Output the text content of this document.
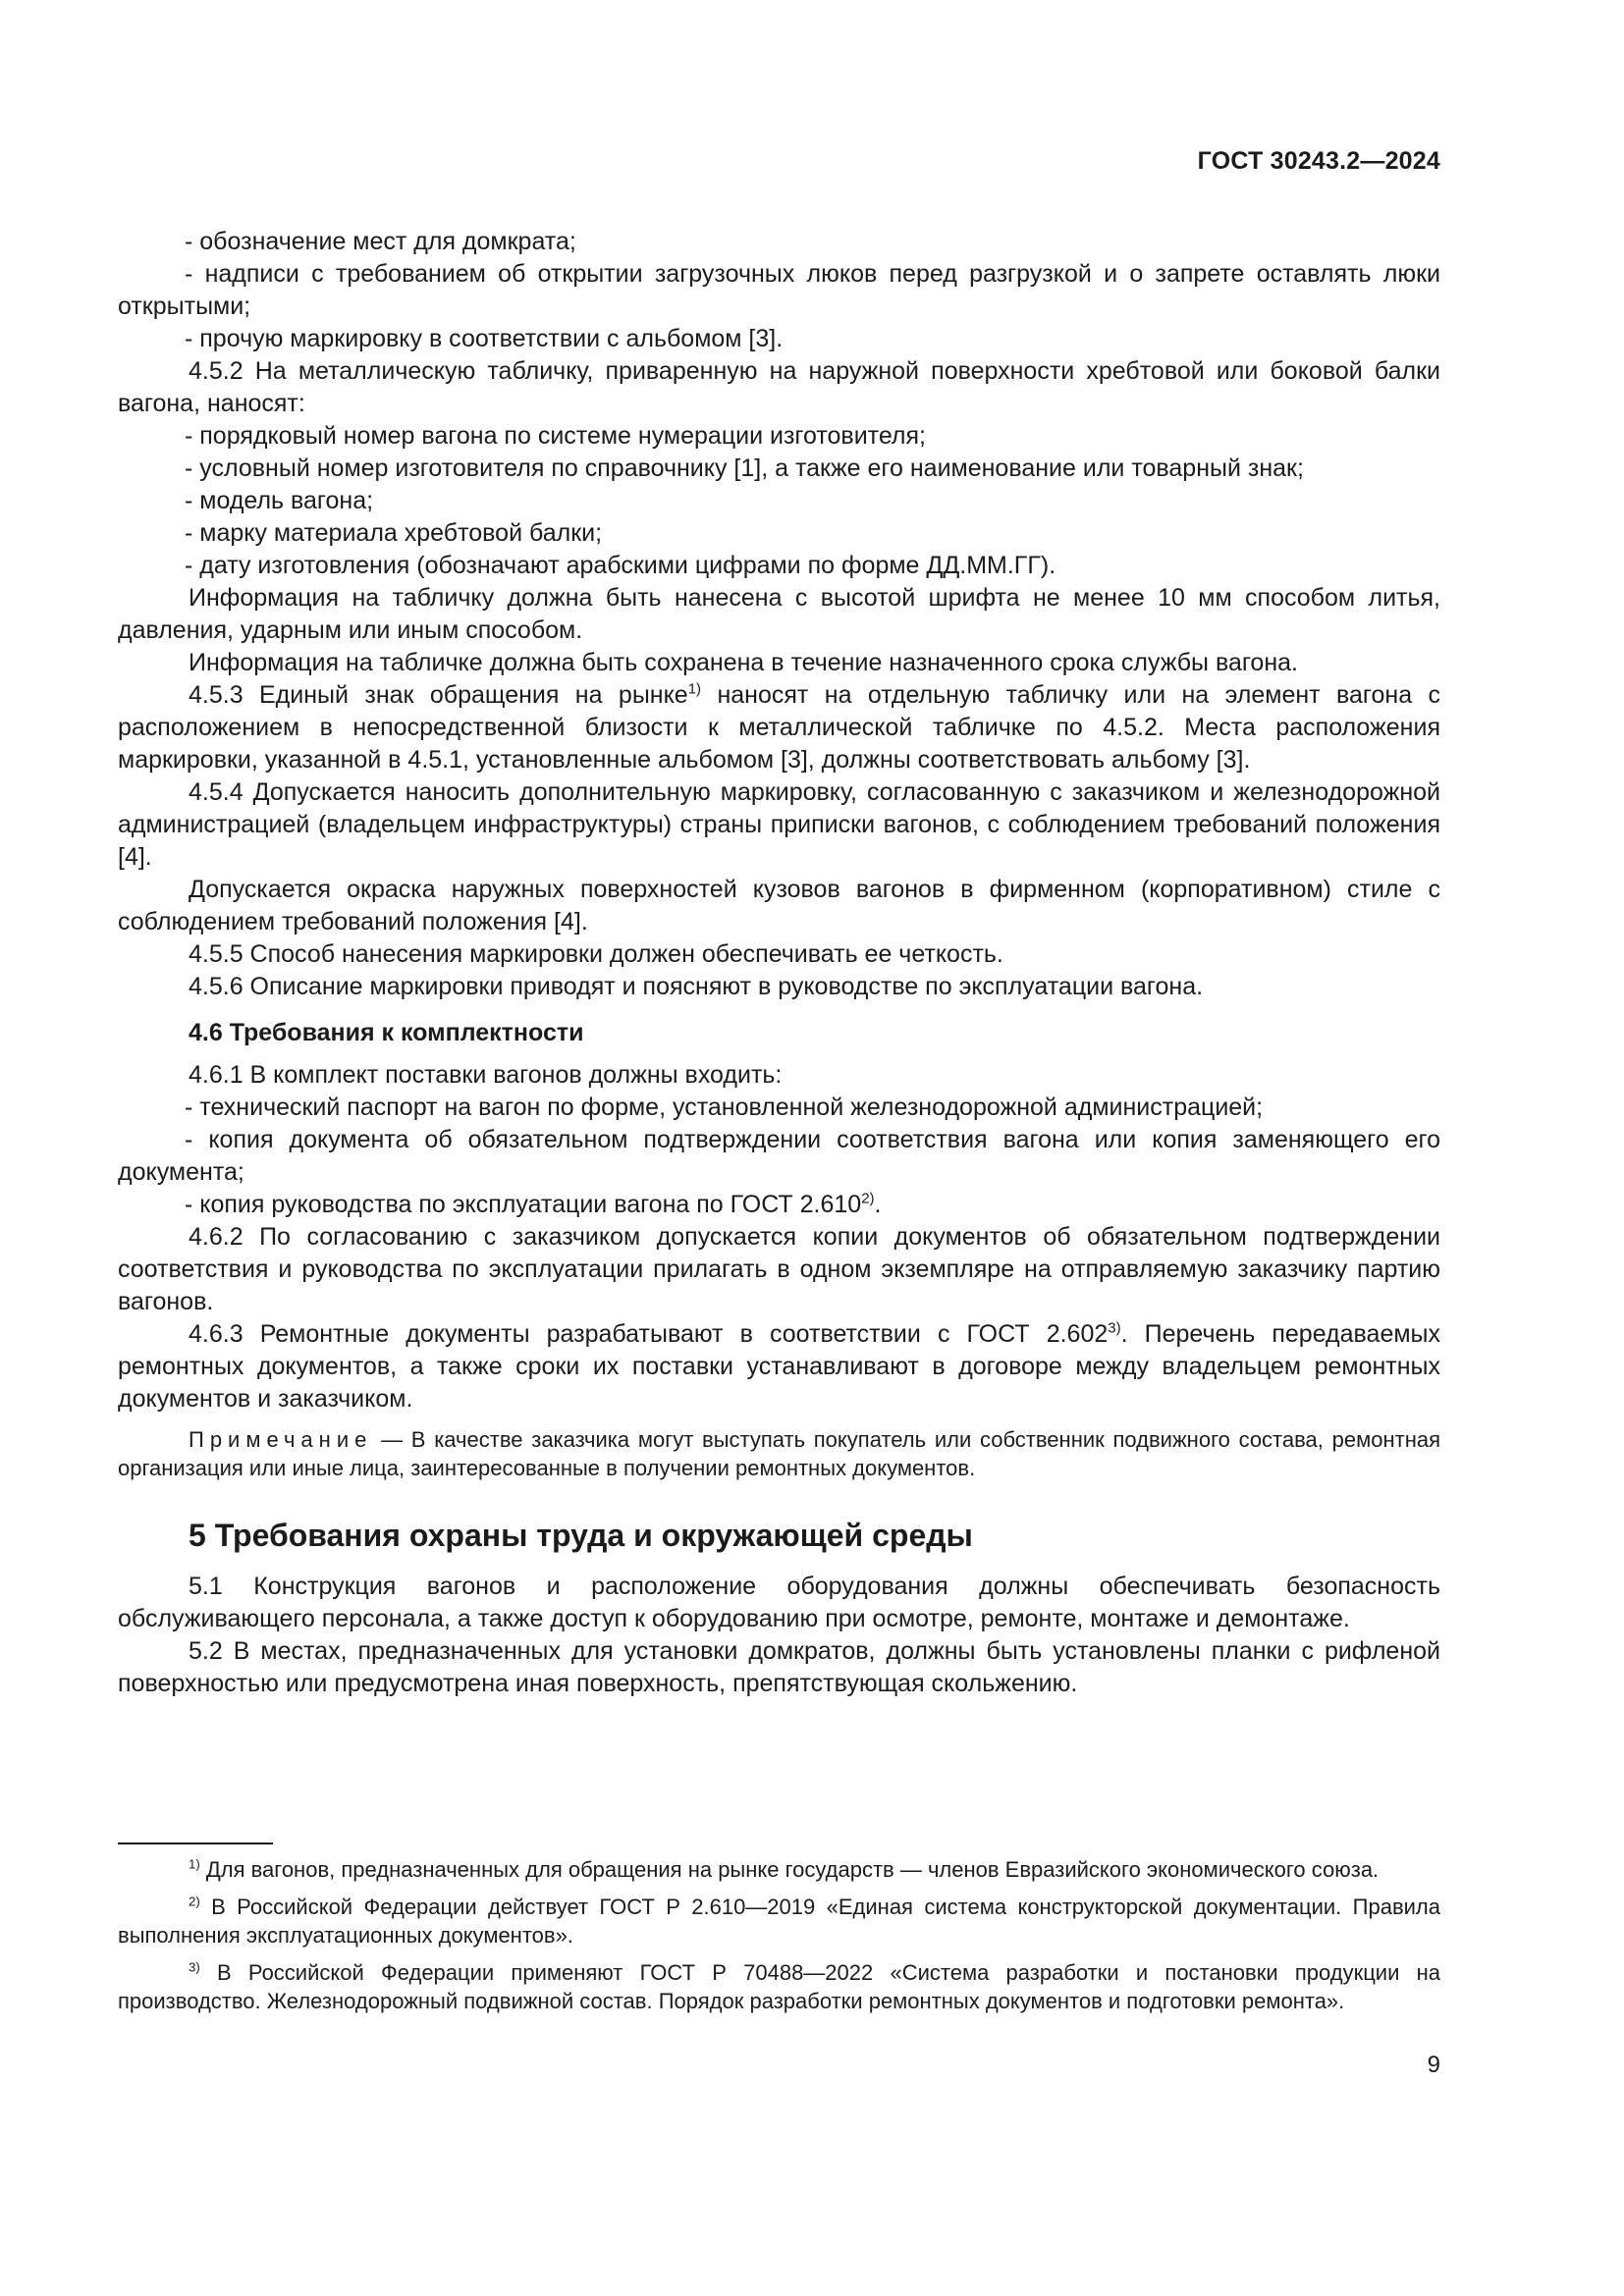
ГОСТ 30243.2—2024

- обозначение мест для домкрата;

- надписи с требованием об открытии загрузочных люков перед разгрузкой и о запрете оставлять люки открытыми;

- прочую маркировку в соответствии с альбомом [3].

4.5.2 На металлическую табличку, приваренную на наружной поверхности хребтовой или боковой балки вагона, наносят:

- порядковый номер вагона по системе нумерации изготовителя;

- условный номер изготовителя по справочнику [1], а также его наименование или товарный знак;

- модель вагона;

- марку материала хребтовой балки;

- дату изготовления (обозначают арабскими цифрами по форме ДД.ММ.ГГ).

Информация на табличку должна быть нанесена с высотой шрифта не менее 10 мм способом литья, давления, ударным или иным способом.

Информация на табличке должна быть сохранена в течение назначенного срока службы вагона.

4.5.3 Единый знак обращения на рынке$^{1)}$ наносят на отдельную табличку или на элемент вагона с расположением в непосредственной близости к металлической табличке по 4.5.2. Места расположения маркировки, указанной в 4.5.1, установленные альбомом [3], должны соответствовать альбому [3].

4.5.4 Допускается наносить дополнительную маркировку, согласованную с заказчиком и железнодорожной администрацией (владельцем инфраструктуры) страны приписки вагонов, с соблюдением требований положения [4].

Допускается окраска наружных поверхностей кузовов вагонов в фирменном (корпоративном) стиле с соблюдением требований положения [4].

4.5.5 Способ нанесения маркировки должен обеспечивать ее четкость.

4.5.6 Описание маркировки приводят и поясняют в руководстве по эксплуатации вагона.

4.6 Требования к комплектности

4.6.1 В комплект поставки вагонов должны входить:

- технический паспорт на вагон по форме, установленной железнодорожной администрацией;

- копия документа об обязательном подтверждении соответствия вагона или копия заменяющего его документа;

- копия руководства по эксплуатации вагона по ГОСТ 2.610$^{2)}$.

4.6.2 По согласованию с заказчиком допускается копии документов об обязательном подтверждении соответствия и руководства по эксплуатации прилагать в одном экземпляре на отправляемую заказчику партию вагонов.

4.6.3 Ремонтные документы разрабатывают в соответствии с ГОСТ 2.602$^{3)}$. Перечень передаваемых ремонтных документов, а также сроки их поставки устанавливают в договоре между владельцем ремонтных документов и заказчиком.

Примечание — В качестве заказчика могут выступать покупатель или собственник подвижного состава, ремонтная организация или иные лица, заинтересованные в получении ремонтных документов.

5 Требования охраны труда и окружающей среды

5.1 Конструкция вагонов и расположение оборудования должны обеспечивать безопасность обслуживающего персонала, а также доступ к оборудованию при осмотре, ремонте, монтаже и демонтаже.

5.2 В местах, предназначенных для установки домкратов, должны быть установлены планки с рифленой поверхностью или предусмотрена иная поверхность, препятствующая скольжению.

$^{1)}$ Для вагонов, предназначенных для обращения на рынке государств — членов Евразийского экономического союза.

$^{2)}$ В Российской Федерации действует ГОСТ Р 2.610—2019 «Единая система конструкторской документации. Правила выполнения эксплуатационных документов».

$^{3)}$ В Российской Федерации применяют ГОСТ Р 70488—2022 «Система разработки и постановки продукции на производство. Железнодорожный подвижной состав. Порядок разработки ремонтных документов и подготовки ремонта».

9
